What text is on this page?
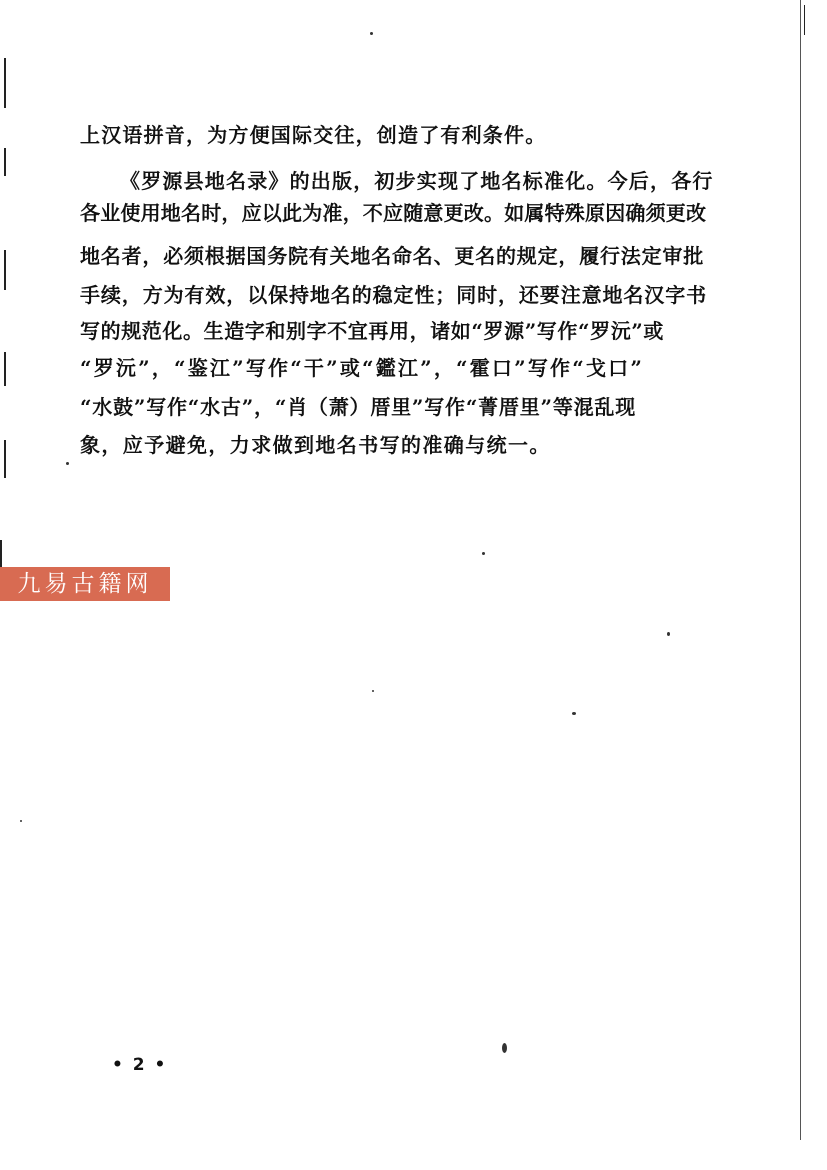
上汉语拼音，为方便国际交往，创造了有利条件。
《罗源县地名录》的出版，初步实现了地名标准化。今后，各行
各业使用地名时，应以此为准，不应随意更改。如属特殊原因确须更改
地名者，必须根据国务院有关地名命名、更名的规定，履行法定审批
手续，方为有效，以保持地名的稳定性；同时，还要注意地名汉字书
写的规范化。生造字和别字不宜再用，诸如“罗源”写作“罗沅”或
“罗沅”，“鉴江”写作“干”或“鑑江”，“霍口”写作“戈口”
“水鼓”写作“水古”，“肖（萧）厝里”写作“菁厝里”等混乱现
象，应予避免，力求做到地名书写的准确与统一。
九易古籍网
• 2 •
